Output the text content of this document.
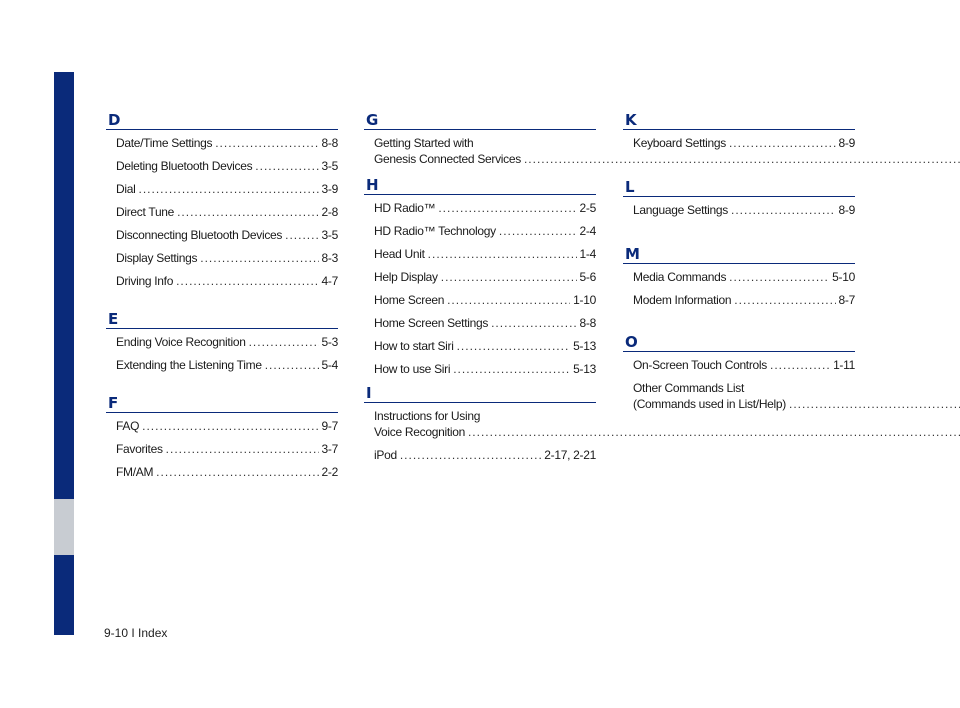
D
Date/Time Settings .....	8-8
Deleting Bluetooth Devices .....	3-5
Dial .....	3-9
Direct Tune .....	2-8
Disconnecting Bluetooth Devices .....	3-5
Display Settings .....	8-3
Driving Info .....	4-7
E
Ending Voice Recognition .....	5-3
Extending the Listening Time .....	5-4
F
FAQ .....	9-7
Favorites .....	3-7
FM/AM .....	2-2
G
Getting Started with
Genesis Connected Services
.....
H
HD Radio™ .....	2-5
HD Radio™ Technology .....	2-4
Head Unit .....	1-4
Help Display .....	5-6
Home Screen .....	1-10
Home Screen Settings .....	8-8
How to start Siri .....	5-13
How to use Siri .....	5-13
I
Instructions for Using
Voice Recognition
.....
iPod .....	2-17, 2-21
K
Keyboard Settings .....	8-9
L
Language Settings .....	8-9
M
Media Commands .....	5-10
Modem Information .....	8-7
O
On-Screen Touch Controls .....	1-11
Other Commands List
(Commands used in List/Help)
.....
9-10 I Index
